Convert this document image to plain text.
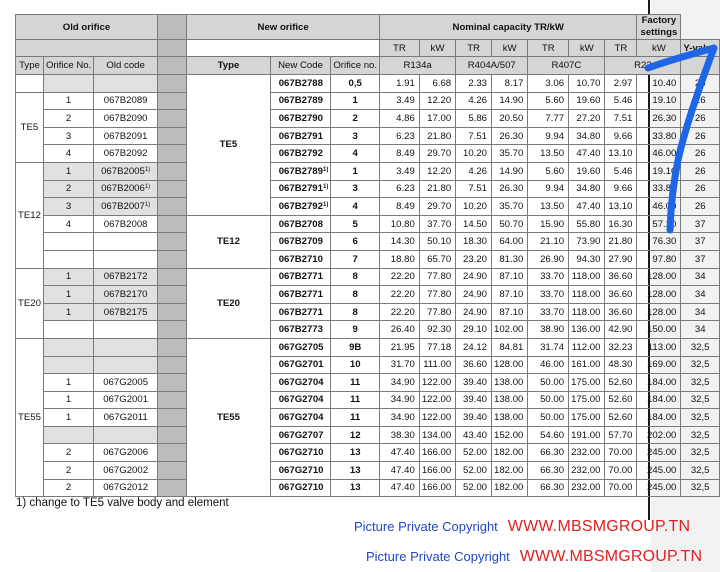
Old orifice				New orifice			Nominal capacity TR/kW							Factory settings	
							TR	kW	TR	kW	TR	kW	TR	kW	Y-value
Type	Orifice No.	Old code		Type	New Code	Orifice no.	R134a		R404A/507		R407C		R22		
				TE5	067B2788	0,5	1.91	6.68	2.33	8.17	3.06	10.70	2.97	10.40	26
TE5	1	067B2089			067B2789	1	3.49	12.20	4.26	14.90	5.60	19.60	5.46	19.10	26
	2	067B2090			067B2790	2	4.86	17.00	5.86	20.50	7.77	27.20	7.51	26.30	26
	3	067B2091			067B2791	3	6.23	21.80	7.51	26.30	9.94	34.80	9.66	33.80	26
	4	067B2092			067B2792	4	8.49	29.70	10.20	35.70	13.50	47.40	13.10	46.00	26
TE12	1	067B2005$^{1)}$			067B2789$^{1)}$	1	3.49	12.20	4.26	14.90	5.60	19.60	5.46	19.10	26
	2	067B2006$^{1)}$			067B2791$^{1)}$	3	6.23	21.80	7.51	26.30	9.94	34.80	9.66	33.80	26
	3	067B2007$^{1)}$			067B2792$^{1)}$	4	8.49	29.70	10.20	35.70	13.50	47.40	13.10	46.00	26
	4	067B2008		TE12	067B2708	5	10.80	37.70	14.50	50.70	15.90	55.80	16.30	57.20	37
					067B2709	6	14.30	50.10	18.30	64.00	21.10	73.90	21.80	76.30	37
					067B2710	7	18.80	65.70	23.20	81.30	26.90	94.30	27.90	97.80	37
TE20	1	067B2172		TE20	067B2771	8	22.20	77.80	24.90	87.10	33.70	118.00	36.60	128.00	34
	1	067B2170			067B2771	8	22.20	77.80	24.90	87.10	33.70	118.00	36.60	128.00	34
	1	067B2175			067B2771	8	22.20	77.80	24.90	87.10	33.70	118.00	36.60	128.00	34
					067B2773	9	26.40	92.30	29.10	102.00	38.90	136.00	42.90	150.00	34
TE55				TE55	067G2705	9B	21.95	77.18	24.12	84.81	31.74	112.00	32.23	113.00	32,5
					067G2701	10	31.70	111.00	36.60	128.00	46.00	161.00	48.30	169.00	32,5
	1	067G2005			067G2704	11	34.90	122.00	39.40	138.00	50.00	175.00	52.60	184.00	32,5
	1	067G2001			067G2704	11	34.90	122.00	39.40	138.00	50.00	175.00	52.60	184.00	32,5
	1	067G2011			067G2704	11	34.90	122.00	39.40	138.00	50.00	175.00	52.60	184.00	32,5
					067G2707	12	38.30	134.00	43.40	152.00	54.60	191.00	57.70	202.00	32,5
	2	067G2006			067G2710	13	47.40	166.00	52.00	182.00	66.30	232.00	70.00	245.00	32,5
	2	067G2002			067G2710	13	47.40	166.00	52.00	182.00	66.30	232.00	70.00	245.00	32,5
	2	067G2012			067G2710	13	47.40	166.00	52.00	182.00	66.30	232.00	70.00	245.00	32,5
1) change to TE5 valve body and element
Picture Private Copyright WWW.MBSMGROUP.TN
Picture Private Copyright WWW.MBSMGROUP.TN
